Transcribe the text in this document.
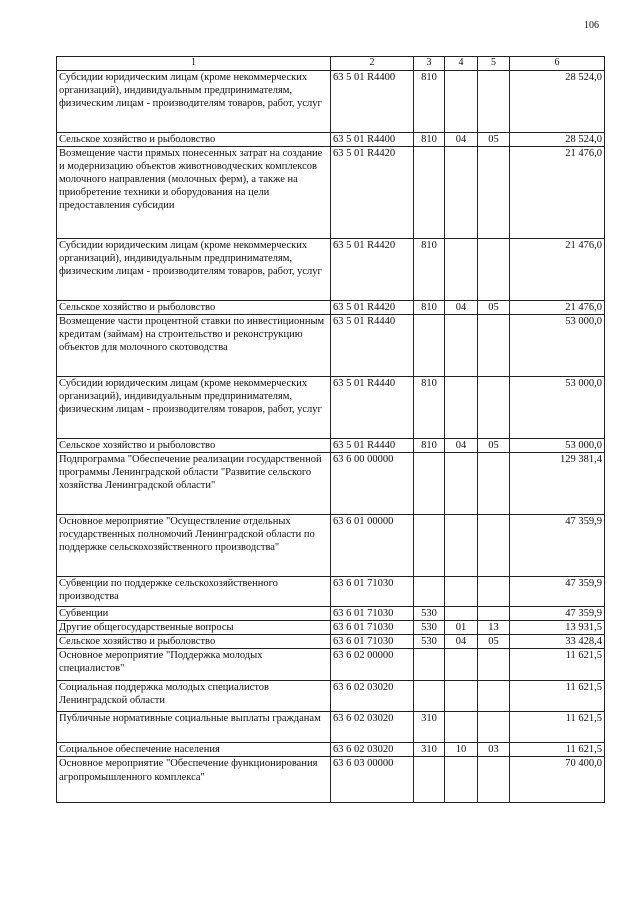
106
1	2	3	4	5	6
Субсидии юридическим лицам (кроме некоммерческих организаций), индивидуальным предпринимателям, физическим лицам - производителям товаров, работ, услуг	63 5 01 R4400	810			28 524,0
Сельское хозяйство и рыболовство	63 5 01 R4400	810	04	05	28 524,0
Возмещение части прямых понесенных затрат на создание и модернизацию объектов животноводческих комплексов молочного направления (молочных ферм), а также на приобретение техники и оборудования на цели предоставления субсидии	63 5 01 R4420				21 476,0
Субсидии юридическим лицам (кроме некоммерческих организаций), индивидуальным предпринимателям, физическим лицам - производителям товаров, работ, услуг	63 5 01 R4420	810			21 476,0
Сельское хозяйство и рыболовство	63 5 01 R4420	810	04	05	21 476,0
Возмещение части процентной ставки по инвестиционным кредитам (займам) на строительство и реконструкцию объектов для молочного скотоводства	63 5 01 R4440				53 000,0
Субсидии юридическим лицам (кроме некоммерческих организаций), индивидуальным предпринимателям, физическим лицам - производителям товаров, работ, услуг	63 5 01 R4440	810			53 000,0
Сельское хозяйство и рыболовство	63 5 01 R4440	810	04	05	53 000,0
Подпрограмма "Обеспечение реализации государственной программы Ленинградской области "Развитие сельского хозяйства Ленинградской области"	63 6 00 00000				129 381,4
Основное мероприятие "Осуществление отдельных государственных полномочий Ленинградской области по поддержке сельскохозяйственного производства"	63 6 01 00000				47 359,9
Субвенции по поддержке сельскохозяйственного производства	63 6 01 71030				47 359,9
Субвенции	63 6 01 71030	530			47 359,9
Другие общегосударственные вопросы	63 6 01 71030	530	01	13	13 931,5
Сельское хозяйство и рыболовство	63 6 01 71030	530	04	05	33 428,4
Основное мероприятие "Поддержка молодых специалистов"	63 6 02 00000				11 621,5
Социальная поддержка молодых специалистов Ленинградской области	63 6 02 03020				11 621,5
Публичные нормативные социальные выплаты гражданам	63 6 02 03020	310			11 621,5
Социальное обеспечение населения	63 6 02 03020	310	10	03	11 621,5
Основное мероприятие "Обеспечение функционирования агропромышленного комплекса"	63 6 03 00000				70 400,0
